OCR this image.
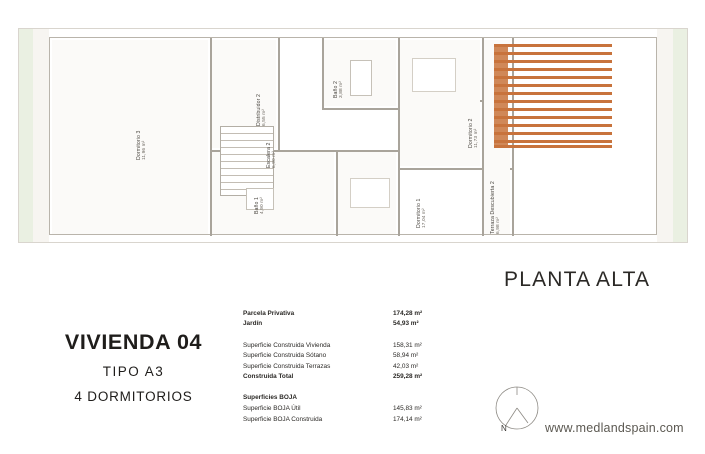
Dormitorio 3 11,96 m²
Distribuidor 2 6,55 m²
Baño 2 3,88 m²
Escalera 2 6,90 m²
Dormitorio 2 11,73 m²
Baño 1 4,90 m²	Dormitorio 1 17,04 m²	Terraza Descubierta 2 6,98 m²
PLANTA ALTA
VIVIENDA 04
TIPO A3
4 DORMITORIOS
Parcela Privativa	174,28 m²
Jardín	54,93 m²
Superficie Construida Vivienda	158,31 m²
Superficie Construida Sótano	58,94 m²
Superficie Construida Terrazas	42,03 m²
Construida Total	259,28 m²
Superficies BOJA
Superficie BOJA Útil	145,83 m²
Superficie BOJA Construida	174,14 m²
N	www.medlandspain.com
